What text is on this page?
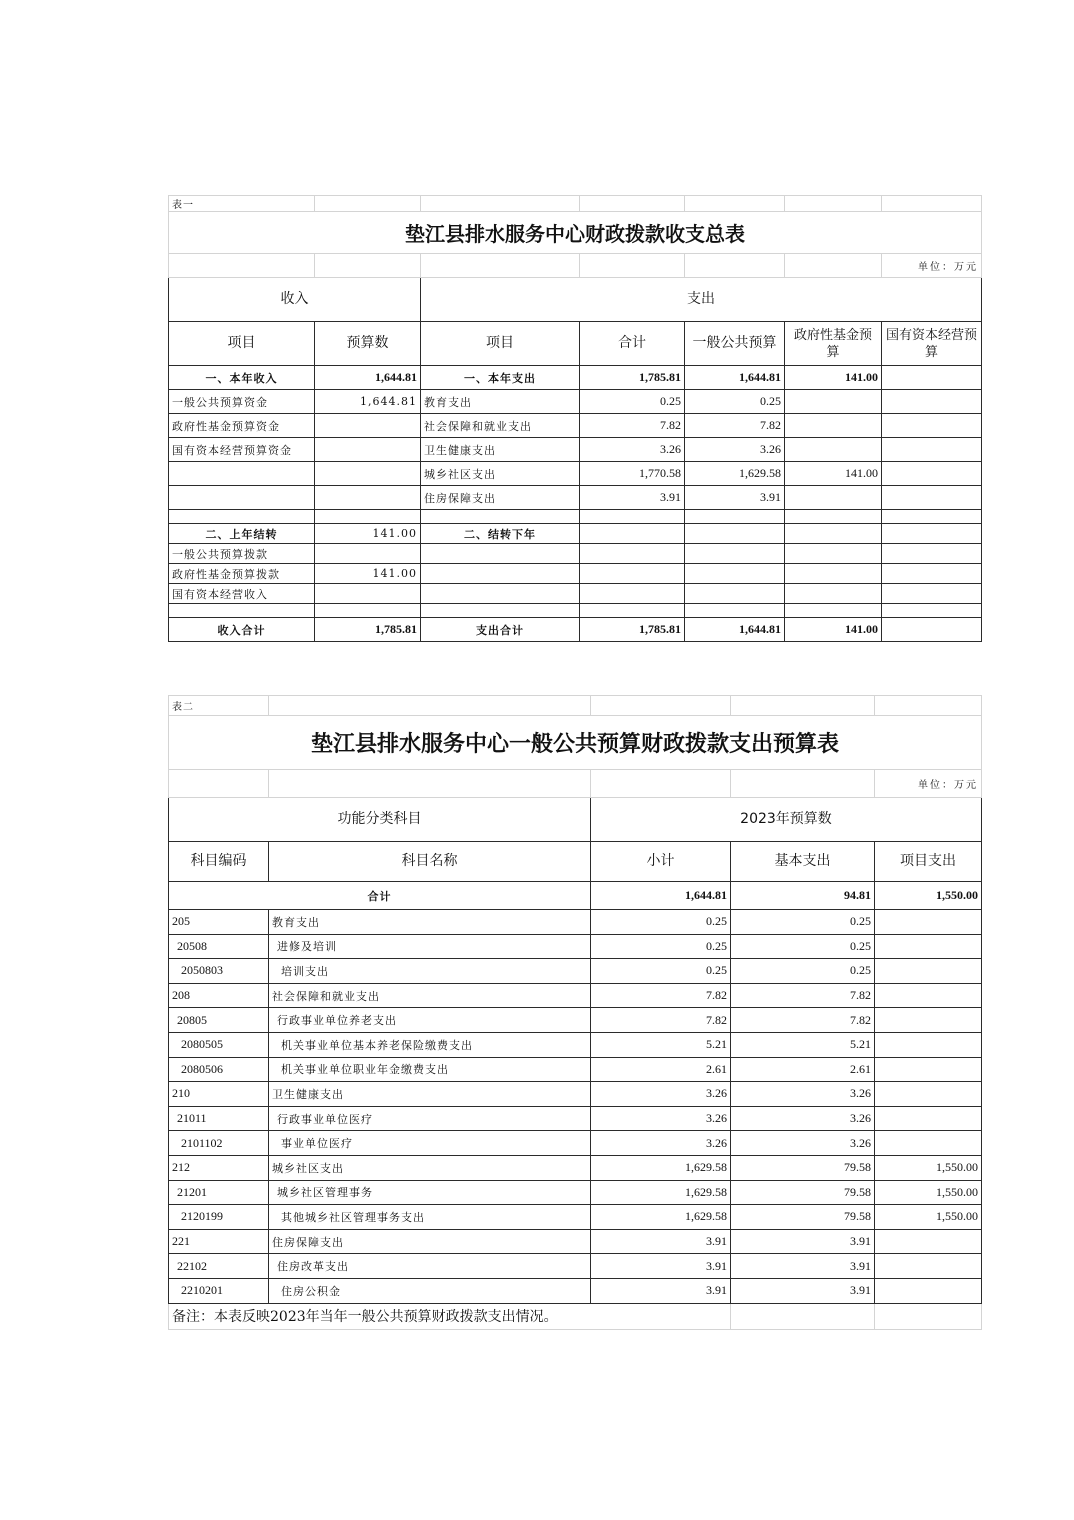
表一						
垫江县排水服务中心财政拨款收支总表						
						单位：万元
收入		支出				
项目	预算数	项目	合计	一般公共预算	政府性基金预算	国有资本经营预算
一、本年收入	1,644.81	一、本年支出	1,785.81	1,644.81	141.00	
一般公共预算资金	1,644.81	教育支出	0.25	0.25		
政府性基金预算资金		社会保障和就业支出	7.82	7.82		
国有资本经营预算资金		卫生健康支出	3.26	3.26		
		城乡社区支出	1,770.58	1,629.58	141.00	
		住房保障支出	3.91	3.91		

二、上年结转	141.00	二、结转下年				
一般公共预算拨款						
政府性基金预算拨款	141.00					
国有资本经营收入						

收入合计	1,785.81	支出合计	1,785.81	1,644.81	141.00	
表二				
垫江县排水服务中心一般公共预算财政拨款支出预算表				
				单位：万元
功能分类科目		2023年预算数		
科目编码	科目名称	小计	基本支出	项目支出
合计		1,644.81	94.81	1,550.00
205	教育支出	0.25	0.25	
20508	进修及培训	0.25	0.25	
2050803	培训支出	0.25	0.25	
208	社会保障和就业支出	7.82	7.82	
20805	行政事业单位养老支出	7.82	7.82	
2080505	机关事业单位基本养老保险缴费支出	5.21	5.21	
2080506	机关事业单位职业年金缴费支出	2.61	2.61	
210	卫生健康支出	3.26	3.26	
21011	行政事业单位医疗	3.26	3.26	
2101102	事业单位医疗	3.26	3.26	
212	城乡社区支出	1,629.58	79.58	1,550.00
21201	城乡社区管理事务	1,629.58	79.58	1,550.00
2120199	其他城乡社区管理事务支出	1,629.58	79.58	1,550.00
221	住房保障支出	3.91	3.91	
22102	住房改革支出	3.91	3.91	
2210201	住房公积金	3.91	3.91	
备注：本表反映2023年当年一般公共预算财政拨款支出情况。				
